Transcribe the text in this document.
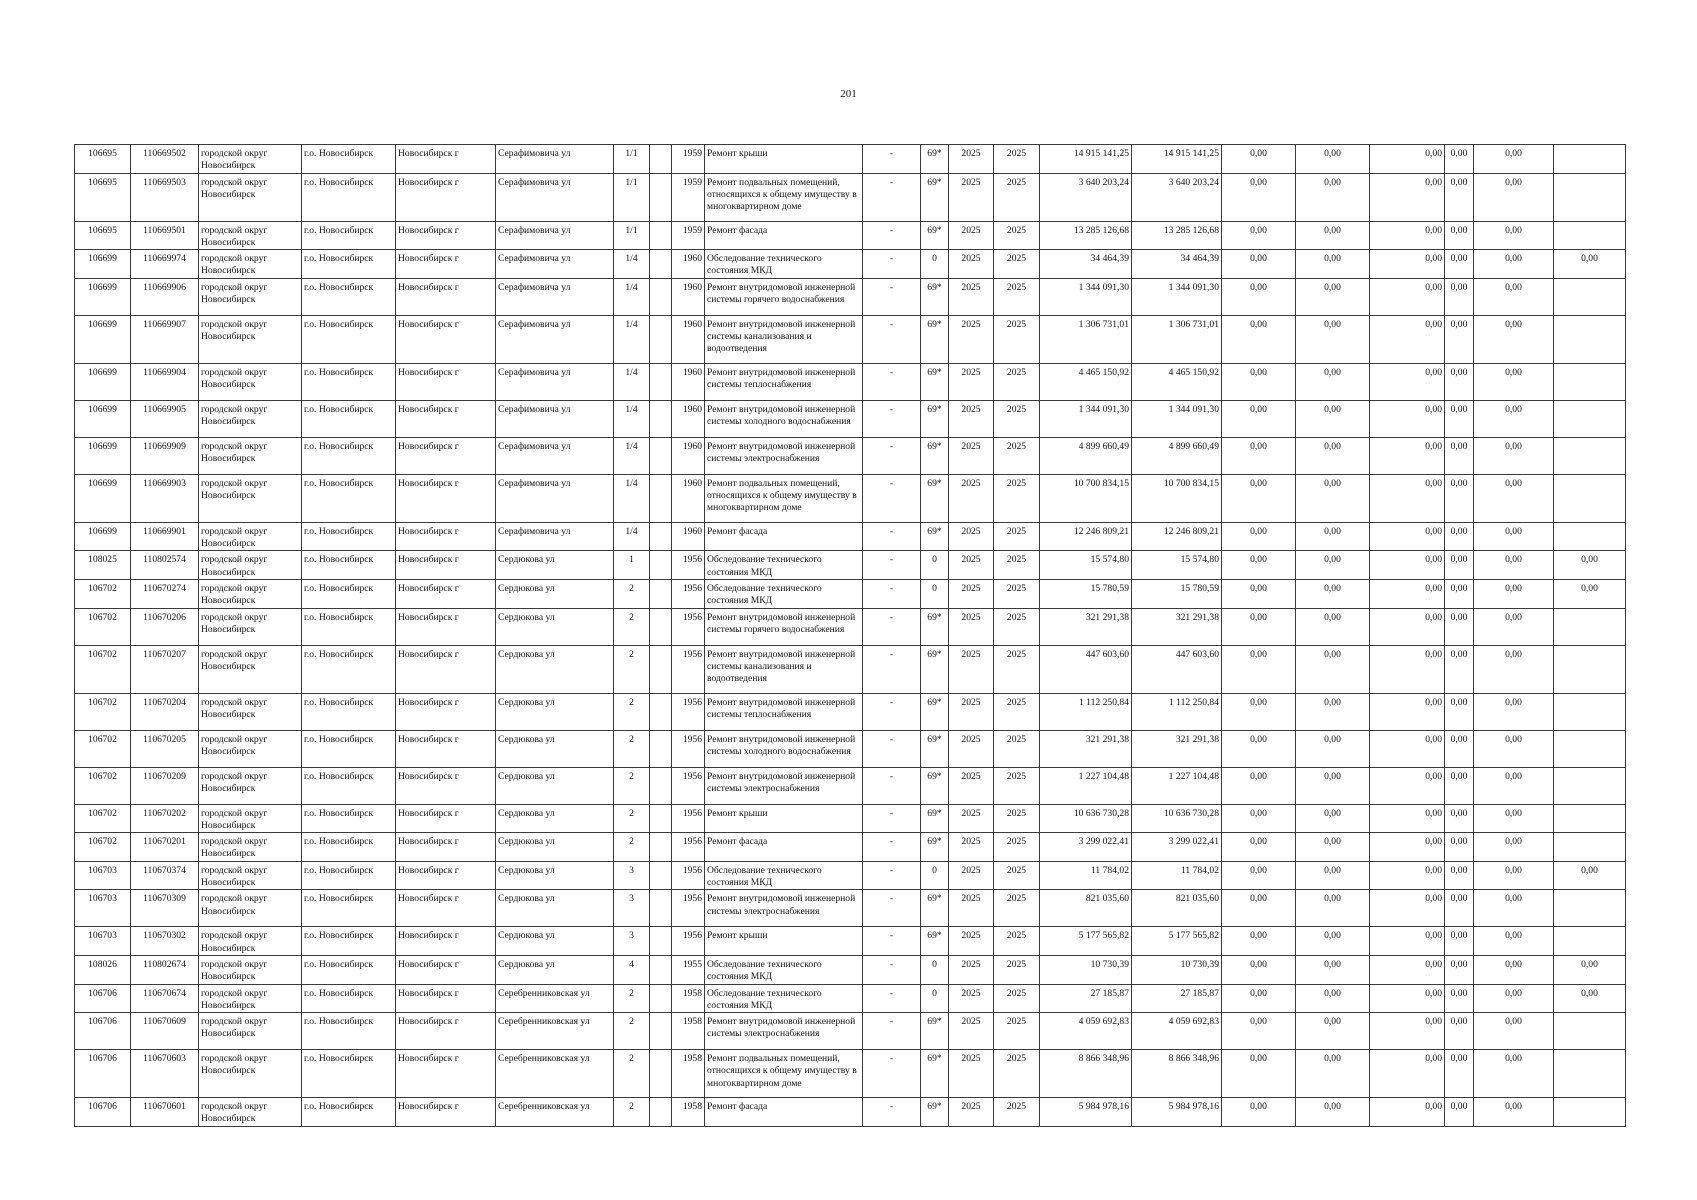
201
106695	110669502	городской округ Новосибирск	г.о. Новосибирск	Новосибирск г	Серафимовича ул	1/1		1959	Ремонт крыши	-	69*	2025	2025	14 915 141,25	14 915 141,25	0,00	0,00	0,00	0,00	0,00	
106695	110669503	городской округ Новосибирск	г.о. Новосибирск	Новосибирск г	Серафимовича ул	1/1		1959	Ремонт подвальных помещений, относящихся к общему имуществу в многоквартирном доме	-	69*	2025	2025	3 640 203,24	3 640 203,24	0,00	0,00	0,00	0,00	0,00	
106695	110669501	городской округ Новосибирск	г.о. Новосибирск	Новосибирск г	Серафимовича ул	1/1		1959	Ремонт фасада	-	69*	2025	2025	13 285 126,68	13 285 126,68	0,00	0,00	0,00	0,00	0,00	
106699	110669974	городской округ Новосибирск	г.о. Новосибирск	Новосибирск г	Серафимовича ул	1/4		1960	Обследование технического состояния МКД	-	0	2025	2025	34 464,39	34 464,39	0,00	0,00	0,00	0,00	0,00	0,00
106699	110669906	городской округ Новосибирск	г.о. Новосибирск	Новосибирск г	Серафимовича ул	1/4		1960	Ремонт внутридомовой инженерной системы горячего водоснабжения	-	69*	2025	2025	1 344 091,30	1 344 091,30	0,00	0,00	0,00	0,00	0,00	
106699	110669907	городской округ Новосибирск	г.о. Новосибирск	Новосибирск г	Серафимовича ул	1/4		1960	Ремонт внутридомовой инженерной системы канализования и водоотведения	-	69*	2025	2025	1 306 731,01	1 306 731,01	0,00	0,00	0,00	0,00	0,00	
106699	110669904	городской округ Новосибирск	г.о. Новосибирск	Новосибирск г	Серафимовича ул	1/4		1960	Ремонт внутридомовой инженерной системы теплоснабжения	-	69*	2025	2025	4 465 150,92	4 465 150,92	0,00	0,00	0,00	0,00	0,00	
106699	110669905	городской округ Новосибирск	г.о. Новосибирск	Новосибирск г	Серафимовича ул	1/4		1960	Ремонт внутридомовой инженерной системы холодного водоснабжения	-	69*	2025	2025	1 344 091,30	1 344 091,30	0,00	0,00	0,00	0,00	0,00	
106699	110669909	городской округ Новосибирск	г.о. Новосибирск	Новосибирск г	Серафимовича ул	1/4		1960	Ремонт внутридомовой инженерной системы электроснабжения	-	69*	2025	2025	4 899 660,49	4 899 660,49	0,00	0,00	0,00	0,00	0,00	
106699	110669903	городской округ Новосибирск	г.о. Новосибирск	Новосибирск г	Серафимовича ул	1/4		1960	Ремонт подвальных помещений, относящихся к общему имуществу в многоквартирном доме	-	69*	2025	2025	10 700 834,15	10 700 834,15	0,00	0,00	0,00	0,00	0,00	
106699	110669901	городской округ Новосибирск	г.о. Новосибирск	Новосибирск г	Серафимовича ул	1/4		1960	Ремонт фасада	-	69*	2025	2025	12 246 809,21	12 246 809,21	0,00	0,00	0,00	0,00	0,00	
108025	110802574	городской округ Новосибирск	г.о. Новосибирск	Новосибирск г	Сердюкова ул	1		1956	Обследование технического состояния МКД	-	0	2025	2025	15 574,80	15 574,80	0,00	0,00	0,00	0,00	0,00	0,00
106702	110670274	городской округ Новосибирск	г.о. Новосибирск	Новосибирск г	Сердюкова ул	2		1956	Обследование технического состояния МКД	-	0	2025	2025	15 780,59	15 780,59	0,00	0,00	0,00	0,00	0,00	0,00
106702	110670206	городской округ Новосибирск	г.о. Новосибирск	Новосибирск г	Сердюкова ул	2		1956	Ремонт внутридомовой инженерной системы горячего водоснабжения	-	69*	2025	2025	321 291,38	321 291,38	0,00	0,00	0,00	0,00	0,00	
106702	110670207	городской округ Новосибирск	г.о. Новосибирск	Новосибирск г	Сердюкова ул	2		1956	Ремонт внутридомовой инженерной системы канализования и водоотведения	-	69*	2025	2025	447 603,60	447 603,60	0,00	0,00	0,00	0,00	0,00	
106702	110670204	городской округ Новосибирск	г.о. Новосибирск	Новосибирск г	Сердюкова ул	2		1956	Ремонт внутридомовой инженерной системы теплоснабжения	-	69*	2025	2025	1 112 250,84	1 112 250,84	0,00	0,00	0,00	0,00	0,00	
106702	110670205	городской округ Новосибирск	г.о. Новосибирск	Новосибирск г	Сердюкова ул	2		1956	Ремонт внутридомовой инженерной системы холодного водоснабжения	-	69*	2025	2025	321 291,38	321 291,38	0,00	0,00	0,00	0,00	0,00	
106702	110670209	городской округ Новосибирск	г.о. Новосибирск	Новосибирск г	Сердюкова ул	2		1956	Ремонт внутридомовой инженерной системы электроснабжения	-	69*	2025	2025	1 227 104,48	1 227 104,48	0,00	0,00	0,00	0,00	0,00	
106702	110670202	городской округ Новосибирск	г.о. Новосибирск	Новосибирск г	Сердюкова ул	2		1956	Ремонт крыши	-	69*	2025	2025	10 636 730,28	10 636 730,28	0,00	0,00	0,00	0,00	0,00	
106702	110670201	городской округ Новосибирск	г.о. Новосибирск	Новосибирск г	Сердюкова ул	2		1956	Ремонт фасада	-	69*	2025	2025	3 299 022,41	3 299 022,41	0,00	0,00	0,00	0,00	0,00	
106703	110670374	городской округ Новосибирск	г.о. Новосибирск	Новосибирск г	Сердюкова ул	3		1956	Обследование технического состояния МКД	-	0	2025	2025	11 784,02	11 784,02	0,00	0,00	0,00	0,00	0,00	0,00
106703	110670309	городской округ Новосибирск	г.о. Новосибирск	Новосибирск г	Сердюкова ул	3		1956	Ремонт внутридомовой инженерной системы электроснабжения	-	69*	2025	2025	821 035,60	821 035,60	0,00	0,00	0,00	0,00	0,00	
106703	110670302	городской округ Новосибирск	г.о. Новосибирск	Новосибирск г	Сердюкова ул	3		1956	Ремонт крыши	-	69*	2025	2025	5 177 565,82	5 177 565,82	0,00	0,00	0,00	0,00	0,00	
108026	110802674	городской округ Новосибирск	г.о. Новосибирск	Новосибирск г	Сердюкова ул	4		1955	Обследование технического состояния МКД	-	0	2025	2025	10 730,39	10 730,39	0,00	0,00	0,00	0,00	0,00	0,00
106706	110670674	городской округ Новосибирск	г.о. Новосибирск	Новосибирск г	Серебренниковская ул	2		1958	Обследование технического состояния МКД	-	0	2025	2025	27 185,87	27 185,87	0,00	0,00	0,00	0,00	0,00	0,00
106706	110670609	городской округ Новосибирск	г.о. Новосибирск	Новосибирск г	Серебренниковская ул	2		1958	Ремонт внутридомовой инженерной системы электроснабжения	-	69*	2025	2025	4 059 692,83	4 059 692,83	0,00	0,00	0,00	0,00	0,00	
106706	110670603	городской округ Новосибирск	г.о. Новосибирск	Новосибирск г	Серебренниковская ул	2		1958	Ремонт подвальных помещений, относящихся к общему имуществу в многоквартирном доме	-	69*	2025	2025	8 866 348,96	8 866 348,96	0,00	0,00	0,00	0,00	0,00	
106706	110670601	городской округ Новосибирск	г.о. Новосибирск	Новосибирск г	Серебренниковская ул	2		1958	Ремонт фасада	-	69*	2025	2025	5 984 978,16	5 984 978,16	0,00	0,00	0,00	0,00	0,00	
